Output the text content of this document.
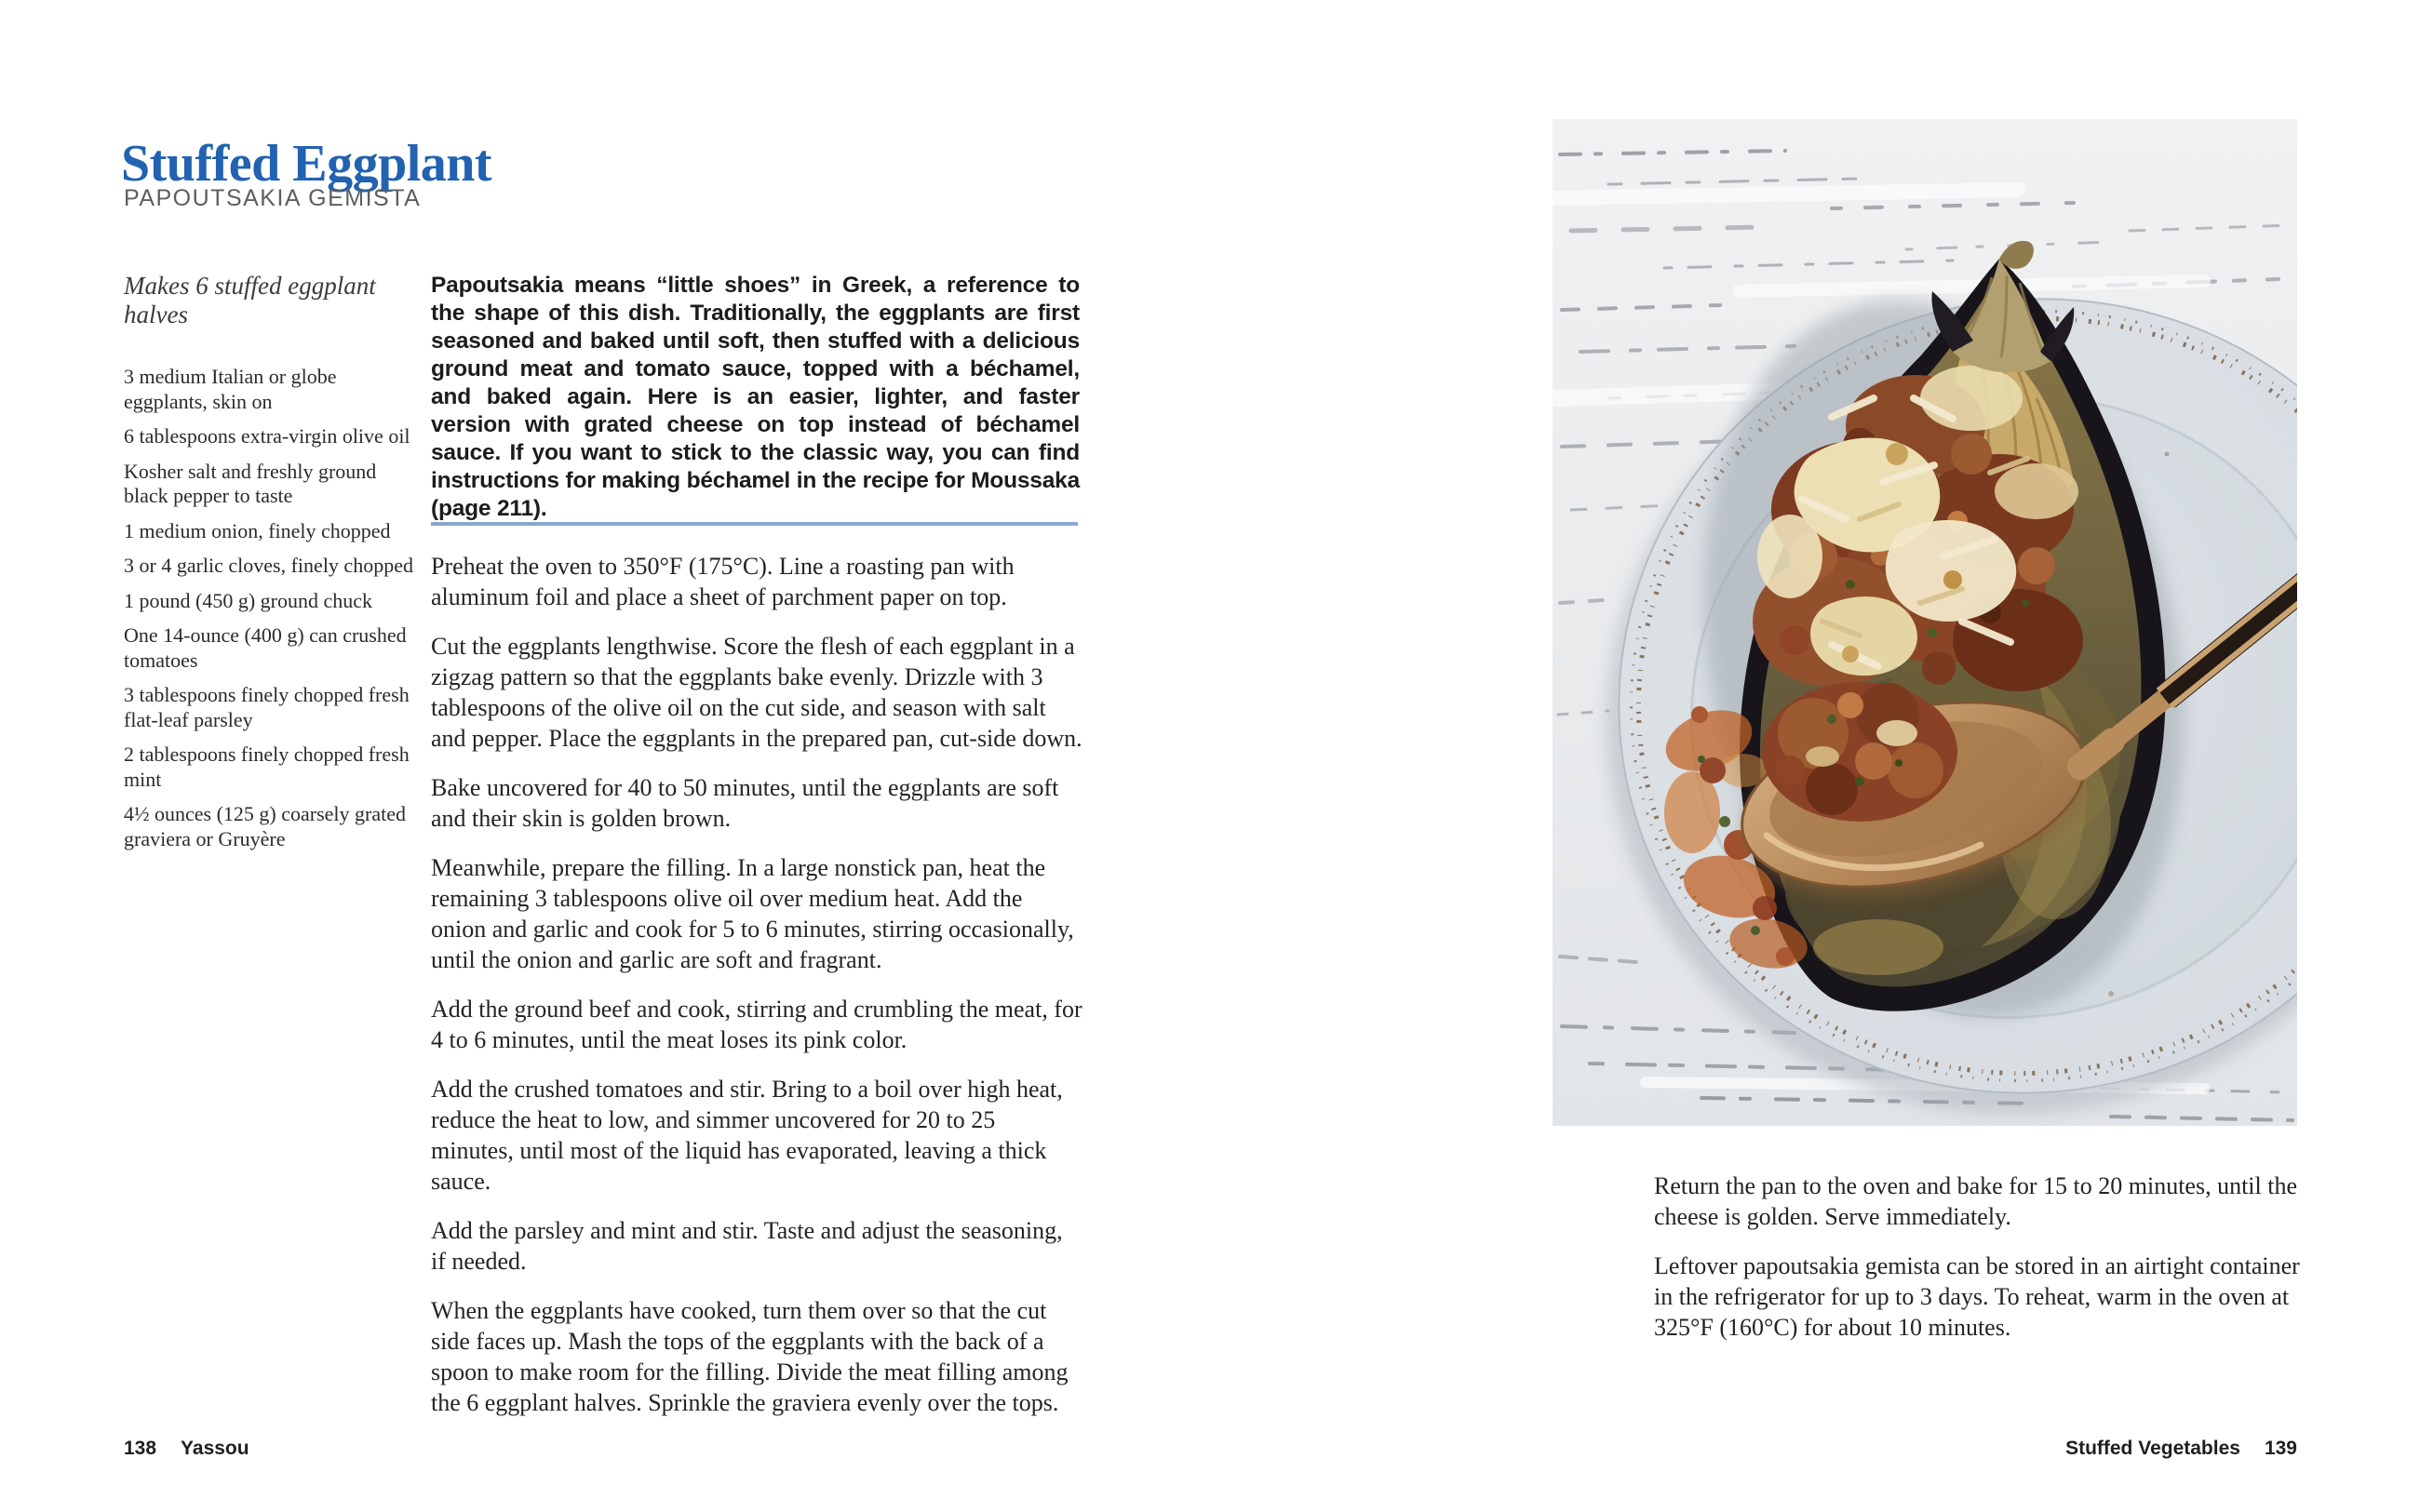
Stuffed Eggplant
PAPOUTSAKIA GEMISTA
Makes 6 stuffed eggplant halves
3 medium Italian or globe eggplants, skin on
6 tablespoons extra-virgin olive oil
Kosher salt and freshly ground black pepper to taste
1 medium onion, finely chopped
3 or 4 garlic cloves, finely chopped
1 pound (450 g) ground chuck
One 14-ounce (400 g) can crushed tomatoes
3 tablespoons finely chopped fresh flat-leaf parsley
2 tablespoons finely chopped fresh mint
4½ ounces (125 g) coarsely grated graviera or Gruyère
Papoutsakia means “little shoes” in Greek, a reference to the shape of this dish. Traditionally, the eggplants are first seasoned and baked until soft, then stuffed with a delicious ground meat and tomato sauce, topped with a béchamel, and baked again. Here is an easier, lighter, and faster version with grated cheese on top instead of béchamel sauce. If you want to stick to the classic way, you can find instructions for making béchamel in the recipe for Moussaka (page 211).

Preheat the oven to 350°F (175°C). Line a roasting pan with aluminum foil and place a sheet of parchment paper on top.

Cut the eggplants lengthwise. Score the flesh of each eggplant in a zigzag pattern so that the eggplants bake evenly. Drizzle with 3 tablespoons of the olive oil on the cut side, and season with salt and pepper. Place the eggplants in the prepared pan, cut-side down.

Bake uncovered for 40 to 50 minutes, until the eggplants are soft and their skin is golden brown.

Meanwhile, prepare the filling. In a large nonstick pan, heat the remaining 3 tablespoons olive oil over medium heat. Add the onion and garlic and cook for 5 to 6 minutes, stirring occasionally, until the onion and garlic are soft and fragrant.

Add the ground beef and cook, stirring and crumbling the meat, for 4 to 6 minutes, until the meat loses its pink color.

Add the crushed tomatoes and stir. Bring to a boil over high heat, reduce the heat to low, and simmer uncovered for 20 to 25 minutes, until most of the liquid has evaporated, leaving a thick sauce.

Add the parsley and mint and stir. Taste and adjust the seasoning, if needed.

When the eggplants have cooked, turn them over so that the cut side faces up. Mash the tops of the eggplants with the back of a spoon to make room for the filling. Divide the meat filling among the 6 eggplant halves. Sprinkle the graviera evenly over the tops.

Return the pan to the oven and bake for 15 to 20 minutes, until the cheese is golden. Serve immediately.

Leftover papoutsakia gemista can be stored in an airtight container in the refrigerator for up to 3 days. To reheat, warm in the oven at 325°F (160°C) for about 10 minutes.

138 Yassou	Stuffed Vegetables 139
